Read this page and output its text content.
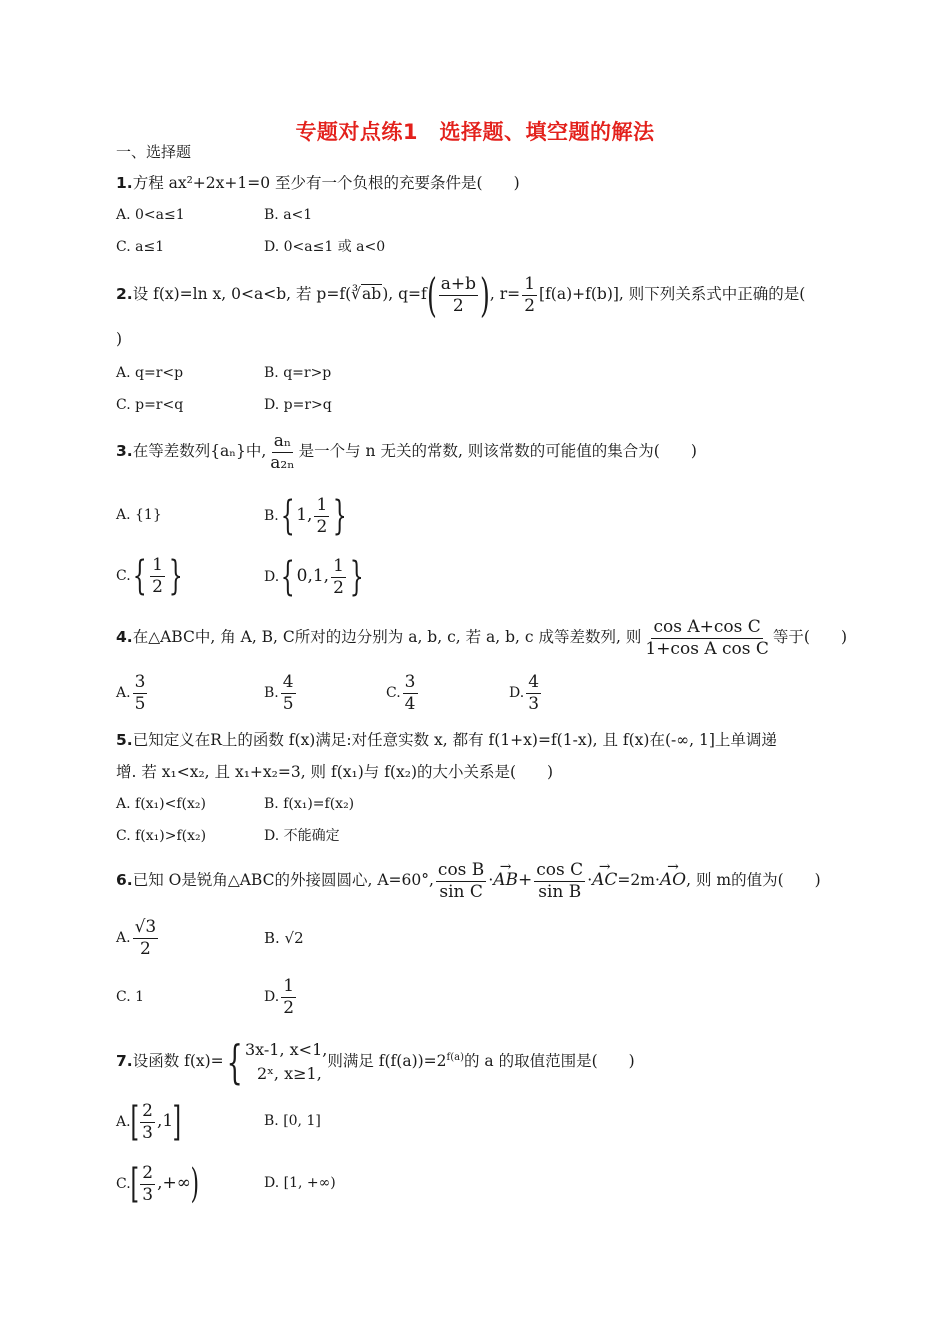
专题对点练1　选择题、填空题的解法
一、选择题
1.方程 ax²+2x+1=0 至少有一个负根的充要条件是(　　)
A. 0<a≤1	B. a<1
C. a≤1	D. 0<a≤1 或 a<0
2.设 f(x)=ln x, 0<a<b, 若 p=f(∛ab), $q=f( \frac{a+b}{2}$ ), $r= \frac{1}{2} [f(a)+f(b)]$, 则下列关系式中正确的是(
)
A. q=r<p	B. q=r>p
C. p=r<q	D. p=r>q
3.在等差数列{aₙ}中, $\frac{\text{aₙ}}{\text{a₂ₙ}}$ 是一个与 n 无关的常数, 则该常数的可能值的集合为(　　)
A. {1}	B.{ 1, $\frac{1}{2}$ }
$C.\{ \frac{1}{2}$ }	D.{ 0,1, $\frac{1}{2}$ }
4.在△ABC中, 角 A, B, C所对的边分别为 a, b, c, 若 a, b, c 成等差数列, 则 $\frac{\text{cos A+cos C}}{\text{1+cos A cos C}}$ 等于(　　)
A. $\frac{3}{5}$	B. $\frac{4}{5}$	C. $\frac{3}{4}$	D. $\frac{4}{3}$
5.已知定义在R上的函数 f(x)满足:对任意实数 x, 都有 f(1+x)=f(1-x), 且 f(x)在(-∞, 1]上单调递
增. 若 x₁<x₂, 且 x₁+x₂=3, 则 f(x₁)与 f(x₂)的大小关系是(　　)
A. f(x₁)<f(x₂)	B. f(x₁)=f(x₂)
C. f(x₁)>f(x₂)	D. 不能确定
6.已知 O是锐角△ABC的外接圆圆心, A=60°, $\frac{\text{cos B}}{\text{sin C}} \cdot\to AB+ \frac{\text{cos C}}{\text{sin B}} \cdot\to AC=2m\cdot\to$ AO, 则 m的值为(　　)
A. $\frac{√3}{2}$	B. √2
C. 1	D. $\frac{1}{2}$
7.设函数 f(x)={ 3x-1, x<1,
2ˣ, x≥1,
则满足 $f(f(a))=2^{f(a)}$的 a 的取值范围是(　　)
$A.[ \frac{2}{3} ,1]$	B. [0, 1]
$C.[ \frac{2}{3}$ ,+∞)	D. [1, +∞)
